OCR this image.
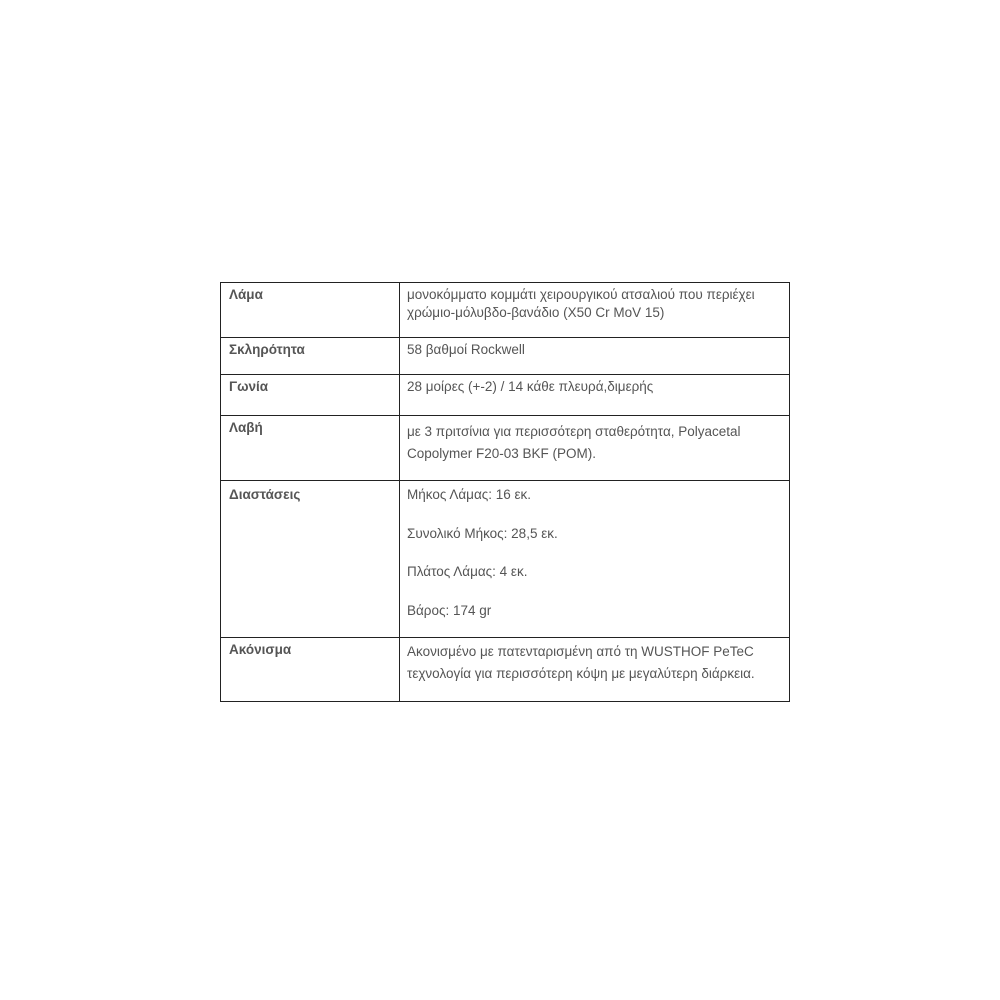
Λάμα	μονοκόμματο κομμάτι χειρουργικού ατσαλιού που περιέχει
χρώμιο-μόλυβδο-βανάδιο (X50 Cr MoV 15)

Σκληρότητα	58 βαθμοί Rockwell

Γωνία	28 μοίρες (+-2) / 14 κάθε πλευρά,διμερής

Λαβή	με 3 πριτσίνια για περισσότερη σταθερότητα, Polyacetal
Copolymer F20-03 BKF (POM).

Διαστάσεις	Μήκος Λάμας: 16 εκ.
Συνολικό Μήκος: 28,5 εκ.
Πλάτος Λάμας: 4 εκ.
Βάρος: 174 gr

Ακόνισμα	Ακονισμένο με πατενταρισμένη από τη WUSTHOF PeTeC
τεχνολογία για περισσότερη κόψη με μεγαλύτερη διάρκεια.
